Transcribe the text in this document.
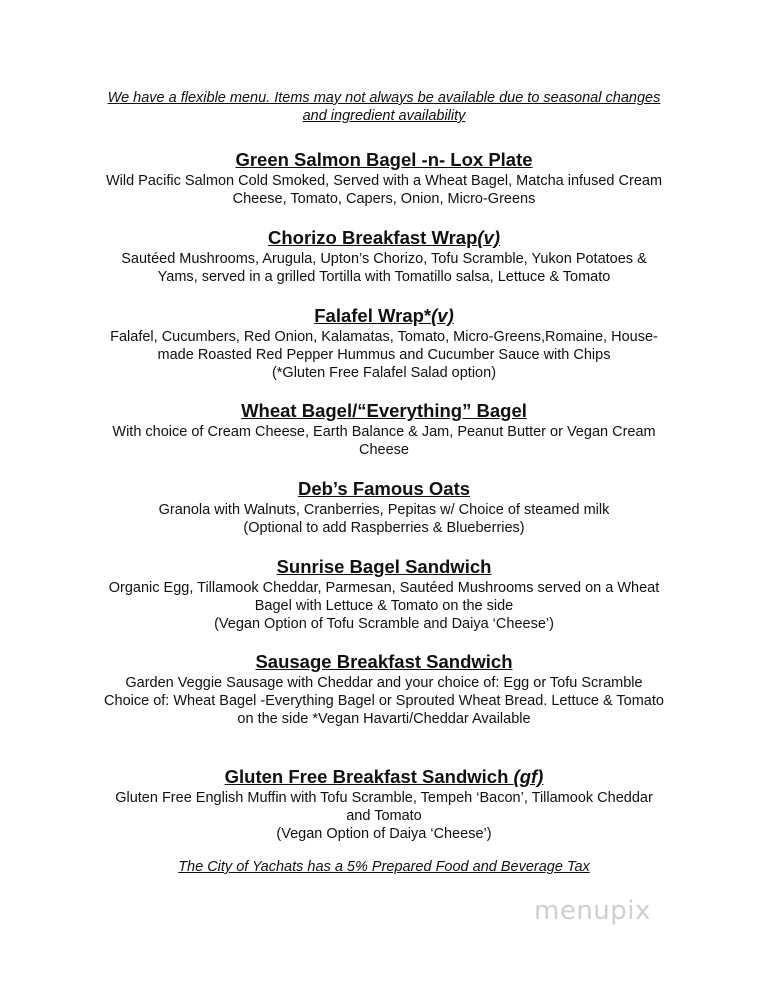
We have a flexible menu. Items may not always be available due to seasonal changes
and ingredient availability
Green Salmon Bagel -n- Lox Plate
Wild Pacific Salmon Cold Smoked, Served with a Wheat Bagel, Matcha infused Cream
Cheese, Tomato, Capers, Onion, Micro-Greens
Chorizo Breakfast Wrap(v)
Sautéed Mushrooms, Arugula, Upton’s Chorizo, Tofu Scramble, Yukon Potatoes &
Yams, served in a grilled Tortilla with Tomatillo salsa, Lettuce & Tomato
Falafel Wrap*(v)
Falafel, Cucumbers, Red Onion, Kalamatas, Tomato, Micro-Greens,Romaine, House-
made Roasted Red Pepper Hummus and Cucumber Sauce with Chips
(*Gluten Free Falafel Salad option)
Wheat Bagel/“Everything” Bagel
With choice of Cream Cheese, Earth Balance & Jam, Peanut Butter or Vegan Cream
Cheese
Deb’s Famous Oats
Granola with Walnuts, Cranberries, Pepitas w/ Choice of steamed milk
(Optional to add Raspberries & Blueberries)
Sunrise Bagel Sandwich
Organic Egg, Tillamook Cheddar, Parmesan, Sautéed Mushrooms served on a Wheat
Bagel with Lettuce & Tomato on the side
(Vegan Option of Tofu Scramble and Daiya ‘Cheese’)
Sausage Breakfast Sandwich
Garden Veggie Sausage with Cheddar and your choice of: Egg or Tofu Scramble
Choice of: Wheat Bagel -Everything Bagel or Sprouted Wheat Bread. Lettuce & Tomato
on the side *Vegan Havarti/Cheddar Available
Gluten Free Breakfast Sandwich (gf)
Gluten Free English Muffin with Tofu Scramble, Tempeh ‘Bacon’, Tillamook Cheddar
and Tomato
(Vegan Option of Daiya ‘Cheese’)
The City of Yachats has a 5% Prepared Food and Beverage Tax
menupix
